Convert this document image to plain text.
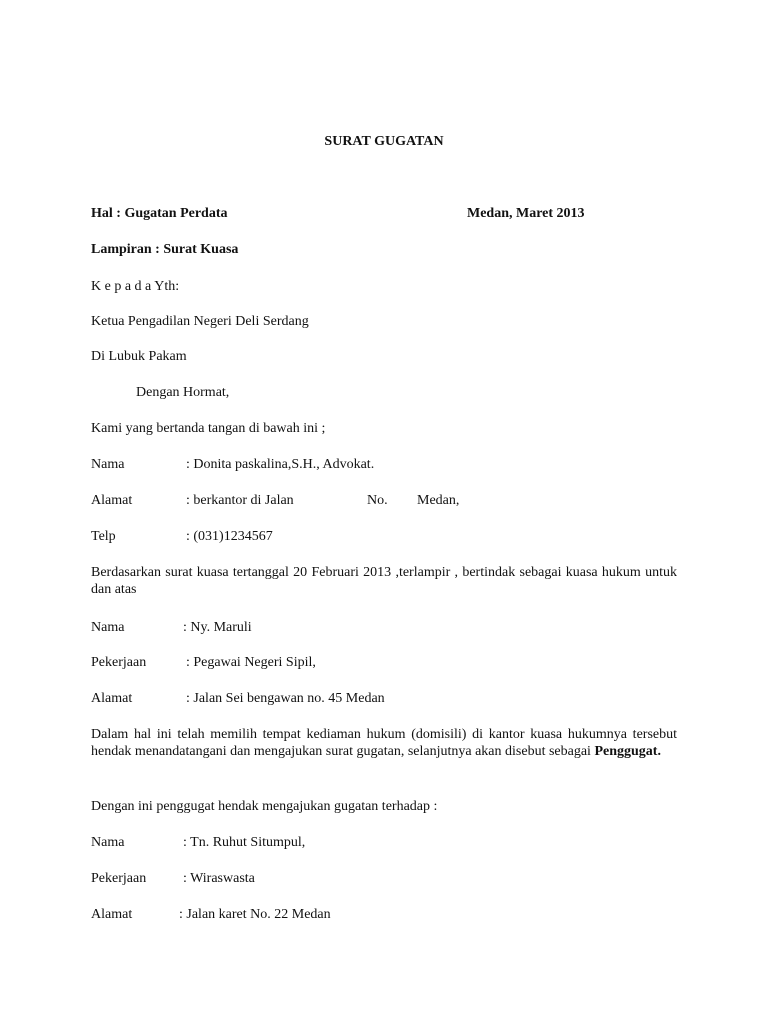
SURAT GUGATAN

Hal : Gugatan Perdata	Medan, Maret 2013

Lampiran : Surat Kuasa

K e p a d a Yth:

Ketua Pengadilan Negeri Deli Serdang

Di Lubuk Pakam

Dengan Hormat,

Kami yang bertanda tangan di bawah ini ;

Nama	: Donita paskalina,S.H., Advokat.

Alamat	: berkantor di Jalan	No. Medan,

Telp	: (031)1234567

Berdasarkan surat kuasa tertanggal 20 Februari 2013 ,terlampir , bertindak sebagai kuasa hukum untuk dan atas

Nama	: Ny. Maruli

Pekerjaan	: Pegawai Negeri Sipil,

Alamat	: Jalan Sei bengawan no. 45 Medan

Dalam hal ini telah memilih tempat kediaman hukum (domisili) di kantor kuasa hukumnya tersebut hendak menandatangani dan mengajukan surat gugatan, selanjutnya akan disebut sebagai Penggugat.

Dengan ini penggugat hendak mengajukan gugatan terhadap :

Nama	: Tn. Ruhut Situmpul,

Pekerjaan	: Wiraswasta

Alamat	: Jalan karet No. 22 Medan
